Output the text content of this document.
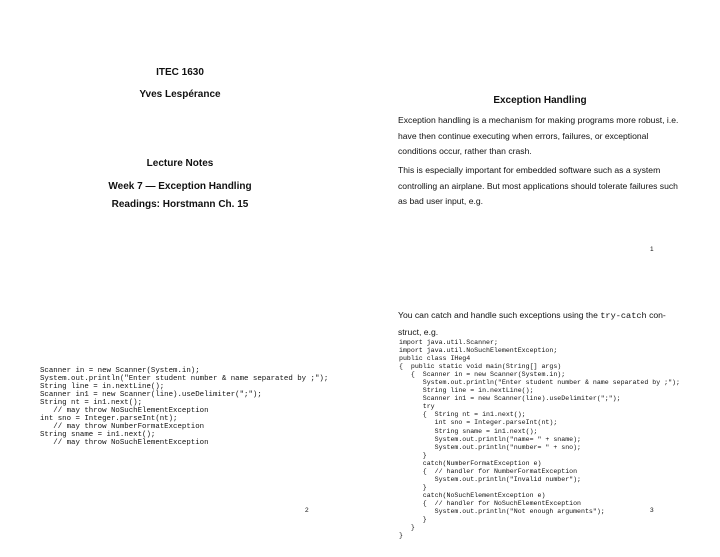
ITEC 1630
Yves Lespérance
Lecture Notes
Week 7 — Exception Handling
Readings: Horstmann Ch. 15
Exception Handling
Exception handling is a mechanism for making programs more robust, i.e. have then continue executing when errors, failures, or exceptional conditions occur, rather than crash.
This is especially important for embedded software such as a system controlling an airplane. But most applications should tolerate failures such as bad user input, e.g.
1
Scanner in = new Scanner(System.in);
System.out.println("Enter student number & name separated by ;");
String line = in.nextLine();
Scanner in1 = new Scanner(line).useDelimiter(";");
String nt = in1.next();
// may throw NoSuchElementException
int sno = Integer.parseInt(nt);
// may throw NumberFormatException
String sname = in1.next();
// may throw NoSuchElementException
2
You can catch and handle such exceptions using the try-catch con-struct, e.g.
import java.util.Scanner;
import java.util.NoSuchElementException;
public class IHeg4
{  public static void main(String[] args)
{  Scanner in = new Scanner(System.in);
System.out.println("Enter student number & name separated by ;");
String line = in.nextLine();
Scanner in1 = new Scanner(line).useDelimiter(";");
try
{  String nt = in1.next();
int sno = Integer.parseInt(nt);
String sname = in1.next();
System.out.println("name= " + sname);
System.out.println("number= " + sno);
}
catch(NumberFormatException e)
{  // handler for NumberFormatException
System.out.println("Invalid number");
}
catch(NoSuchElementException e)
{  // handler for NoSuchElementException
System.out.println("Not enough arguments");
}
}
}
3
